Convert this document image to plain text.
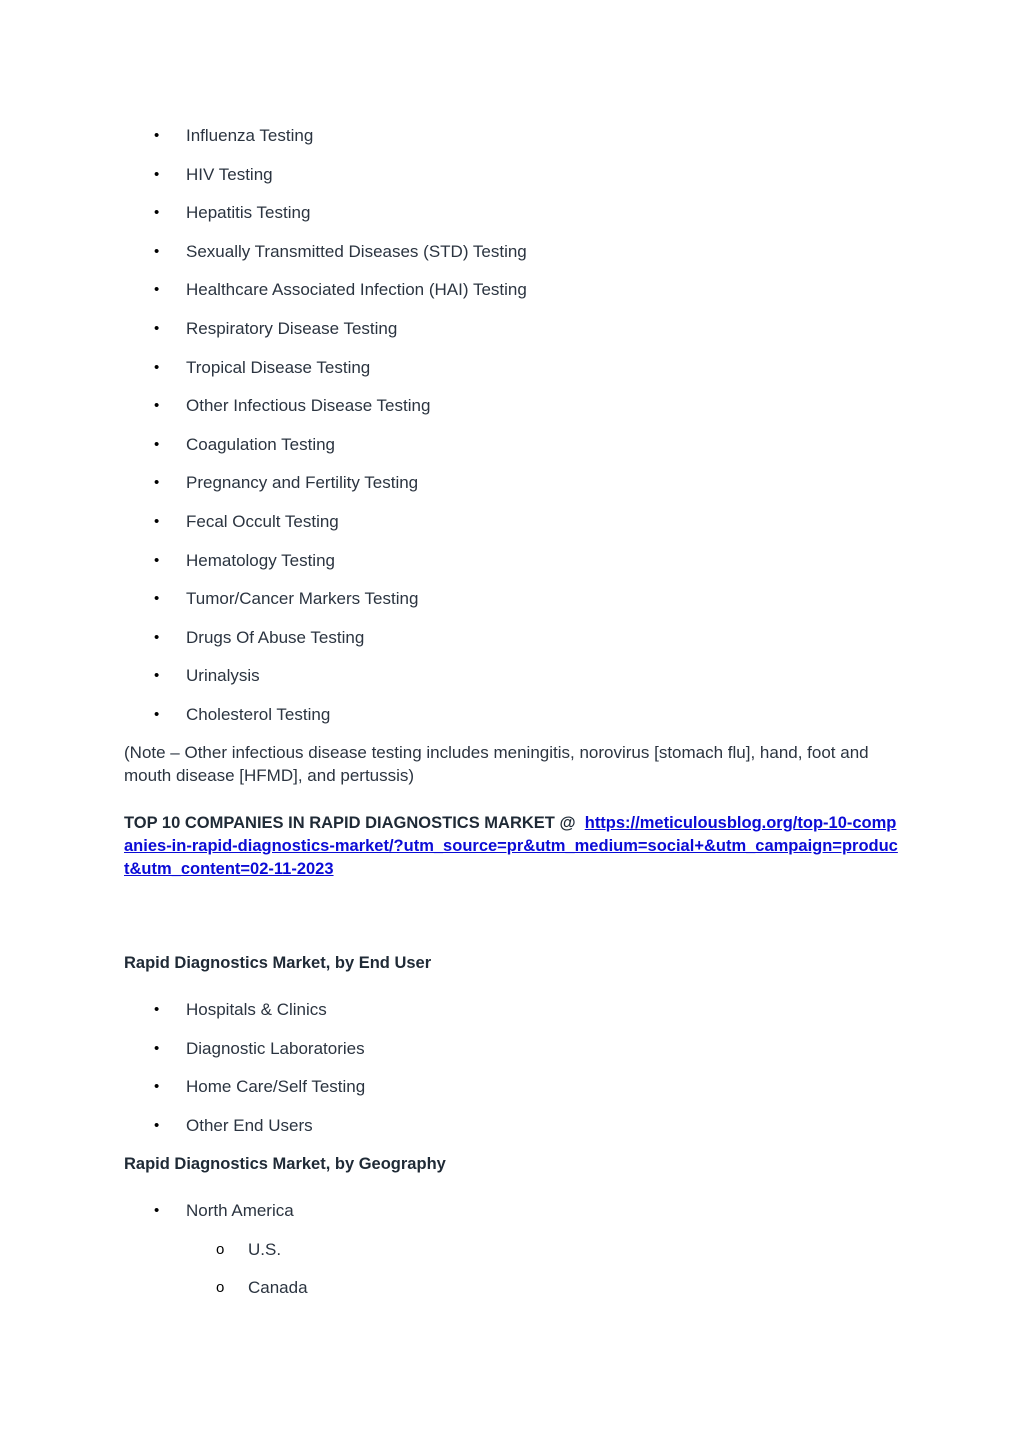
•	Influenza Testing
•	HIV Testing
•	Hepatitis Testing
•	Sexually Transmitted Diseases (STD) Testing
•	Healthcare Associated Infection (HAI) Testing
•	Respiratory Disease Testing
•	Tropical Disease Testing
•	Other Infectious Disease Testing
•	Coagulation Testing
•	Pregnancy and Fertility Testing
•	Fecal Occult Testing
•	Hematology Testing
•	Tumor/Cancer Markers Testing
•	Drugs Of Abuse Testing
•	Urinalysis
•	Cholesterol Testing

(Note – Other infectious disease testing includes meningitis, norovirus [stomach flu], hand, foot and mouth disease [HFMD], and pertussis)

TOP 10 COMPANIES IN RAPID DIAGNOSTICS MARKET @ https://meticulousblog.org/top-10-companies-in-rapid-diagnostics-market/?utm_source=pr&utm_medium=social+&utm_campaign=product&utm_content=02-11-2023

Rapid Diagnostics Market, by End User
•	Hospitals & Clinics
•	Diagnostic Laboratories
•	Home Care/Self Testing
•	Other End Users
Rapid Diagnostics Market, by Geography
•	North America
o U.S.
o Canada
